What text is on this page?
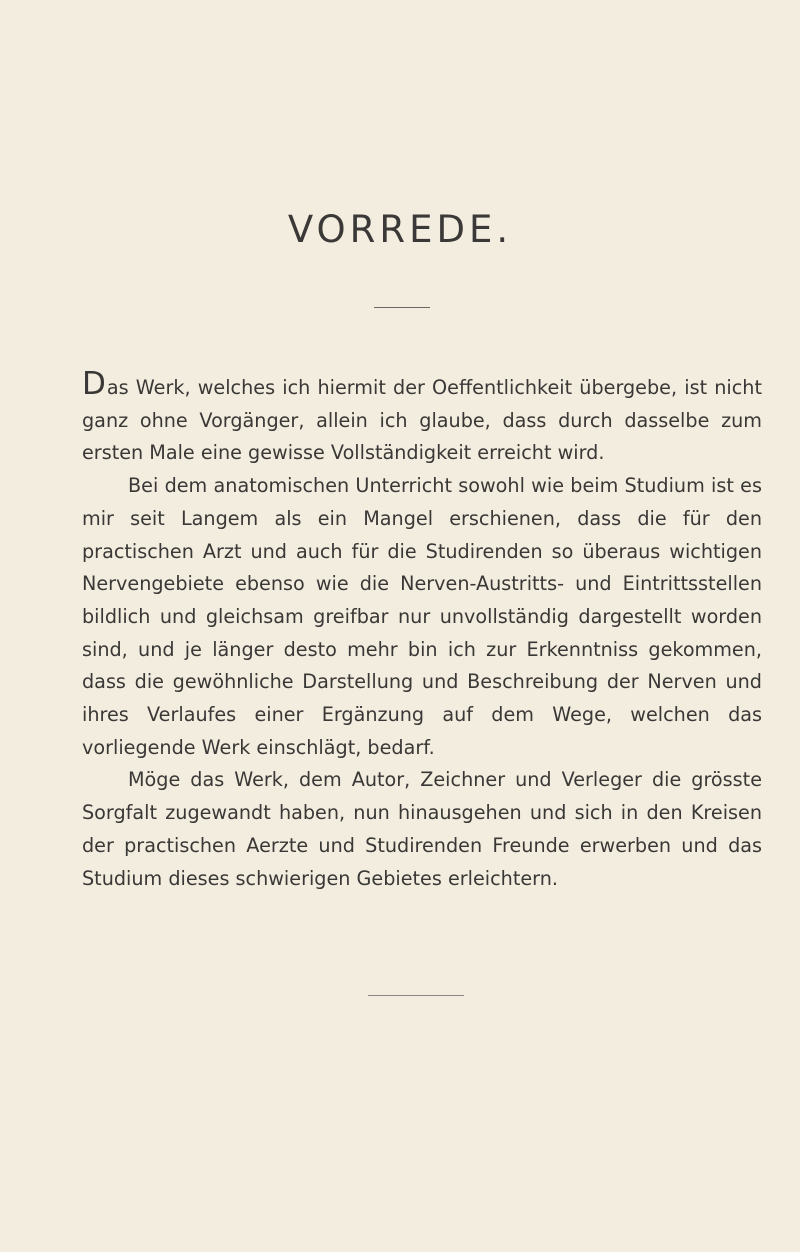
VORREDE.

Das Werk, welches ich hiermit der Oeffentlichkeit übergebe, ist nicht ganz ohne Vorgänger, allein ich glaube, dass durch dasselbe zum ersten Male eine gewisse Vollständigkeit erreicht wird.

Bei dem anatomischen Unterricht sowohl wie beim Studium ist es mir seit Langem als ein Mangel erschienen, dass die für den practischen Arzt und auch für die Studirenden so überaus wichtigen Nervengebiete ebenso wie die Nerven-Austritts- und Eintrittsstellen bildlich und gleichsam greifbar nur unvollständig dargestellt worden sind, und je länger desto mehr bin ich zur Erkenntniss gekommen, dass die gewöhnliche Darstellung und Beschreibung der Nerven und ihres Verlaufes einer Ergänzung auf dem Wege, welchen das vorliegende Werk einschlägt, bedarf.

Möge das Werk, dem Autor, Zeichner und Verleger die grösste Sorgfalt zugewandt haben, nun hinausgehen und sich in den Kreisen der practischen Aerzte und Studirenden Freunde erwerben und das Studium dieses schwierigen Gebietes erleichtern.
